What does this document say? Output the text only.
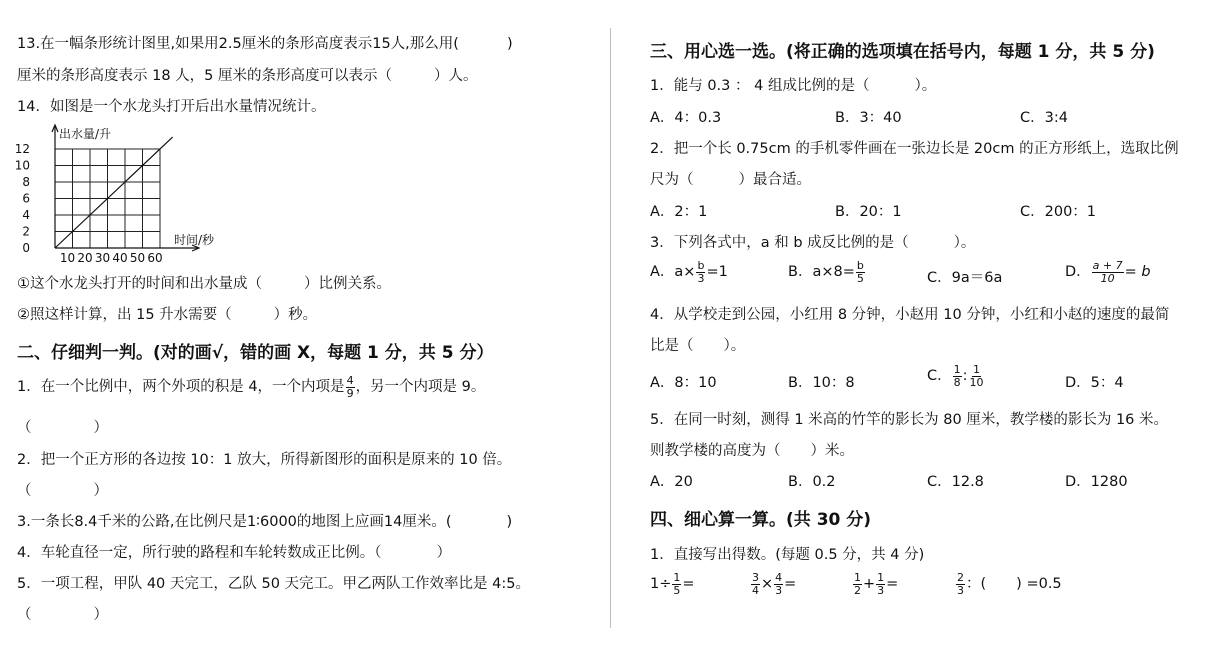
13.在一幅条形统计图里,如果用2.5厘米的条形高度表示15人,那么用(	)
厘米的条形高度表示 18 人，5 厘米的条形高度可以表示（	）人。
14．如图是一个水龙头打开后出水量情况统计。
出水量/升
时间/秒
0
2
4
6
8
10
12
10 20 30 40 50 60
①这个水龙头打开的时间和出水量成（	）比例关系。
②照这样计算，出 15 升水需要（	）秒。
二、仔细判一判。(对的画√，错的画 X，每题 1 分，共 5 分）
1．在一个比例中，两个外项的积是 4，一个内项是 $\frac{4}{9}$ ，另一个内项是 9。
（	）
2．把一个正方形的各边按 10：1 放大，所得新图形的面积是原来的 10 倍。
（	）
3.一条长8.4千米的公路,在比例尺是1∶6000的地图上应画14厘米。(	)
4．车轮直径一定，所行驶的路程和车轮转数成正比例。（	）
5．一项工程，甲队 40 天完工，乙队 50 天完工。甲乙两队工作效率比是 4:5。
（	）
三、用心选一选。(将正确的选项填在括号内，每题 1 分，共 5 分)
1．能与 0.3 ： 4 组成比例的是（	）。
A．4：0.3	B．3：40	C．3:4
2．把一个长 0.75cm 的手机零件画在一张边长是 20cm 的正方形纸上，选取比例
尺为（	）最合适。
A．2：1	B．20：1	C．200：1
3．下列各式中，a 和 b 成反比例的是（	）。
A．$a\times \frac{b}{3} =1$	B．$a\times 8= \frac{b}{5}$	C．9a＝6a	D． $\frac{a + 7}{10} = b$
4．从学校走到公园，小红用 8 分钟，小赵用 10 分钟，小红和小赵的速度的最简
比是（ ）。
A．8：10	B．10：8	C． $\frac{1}{8}$ : $\frac{1}{10}$	D．5：4
5．在同一时刻，测得 1 米高的竹竿的影长为 80 厘米，教学楼的影长为 16 米。
则教学楼的高度为（ ）米。
A．20	B．0.2	C．12.8	D．1280
四、细心算一算。(共 30 分)
1．直接写出得数。(每题 0.5 分，共 4 分)
$1\div \frac{1}{5}$ =	$\frac{3}{4} \times \frac{4}{3}$ =	$\frac{1}{2} + \frac{1}{3}$ =	$\frac{2}{3}$ ：( ) =0.5
